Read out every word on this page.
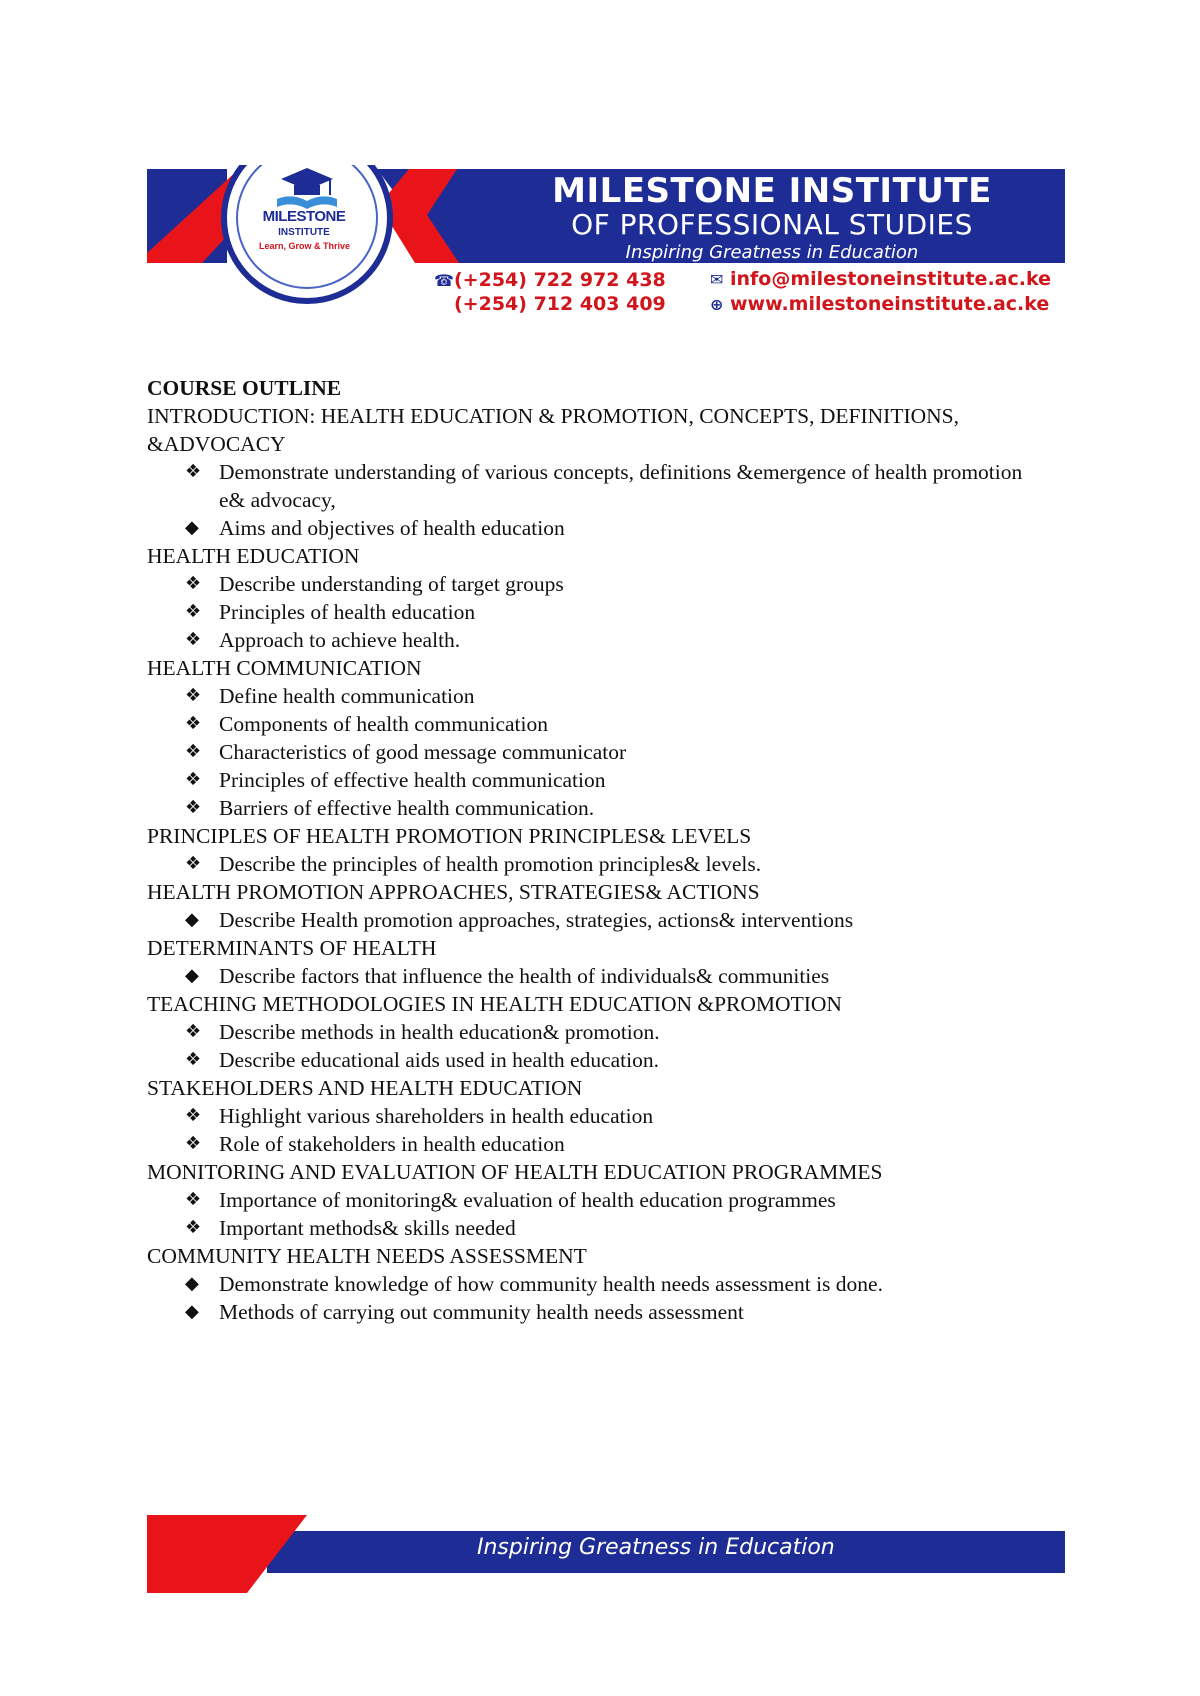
MILESTONE
INSTITUTE
Learn, Grow & Thrive
MILESTONE INSTITUTE
OF PROFESSIONAL STUDIES
Inspiring Greatness in Education
☎(+254) 722 972 438
(+254) 712 403 409
✉ info@milestoneinstitute.ac.ke
⊕ www.milestoneinstitute.ac.ke
COURSE OUTLINE
INTRODUCTION: HEALTH EDUCATION & PROMOTION, CONCEPTS, DEFINITIONS, &ADVOCACY
❖ Demonstrate understanding of various concepts, definitions &emergence of health promotion e& advocacy,
◆ Aims and objectives of health education
HEALTH EDUCATION
❖ Describe understanding of target groups
❖ Principles of health education
❖ Approach to achieve health.
HEALTH COMMUNICATION
❖ Define health communication
❖ Components of health communication
❖ Characteristics of good message communicator
❖ Principles of effective health communication
❖ Barriers of effective health communication.
PRINCIPLES OF HEALTH PROMOTION PRINCIPLES& LEVELS
❖ Describe the principles of health promotion principles& levels.
HEALTH PROMOTION APPROACHES, STRATEGIES& ACTIONS
◆ Describe Health promotion approaches, strategies, actions& interventions
DETERMINANTS OF HEALTH
◆ Describe factors that influence the health of individuals& communities
TEACHING METHODOLOGIES IN HEALTH EDUCATION &PROMOTION
❖ Describe methods in health education& promotion.
❖ Describe educational aids used in health education.
STAKEHOLDERS AND HEALTH EDUCATION
❖ Highlight various shareholders in health education
❖ Role of stakeholders in health education
MONITORING AND EVALUATION OF HEALTH EDUCATION PROGRAMMES
❖ Importance of monitoring& evaluation of health education programmes
❖ Important methods& skills needed
COMMUNITY HEALTH NEEDS ASSESSMENT
◆ Demonstrate knowledge of how community health needs assessment is done.
◆ Methods of carrying out community health needs assessment
Inspiring Greatness in Education
